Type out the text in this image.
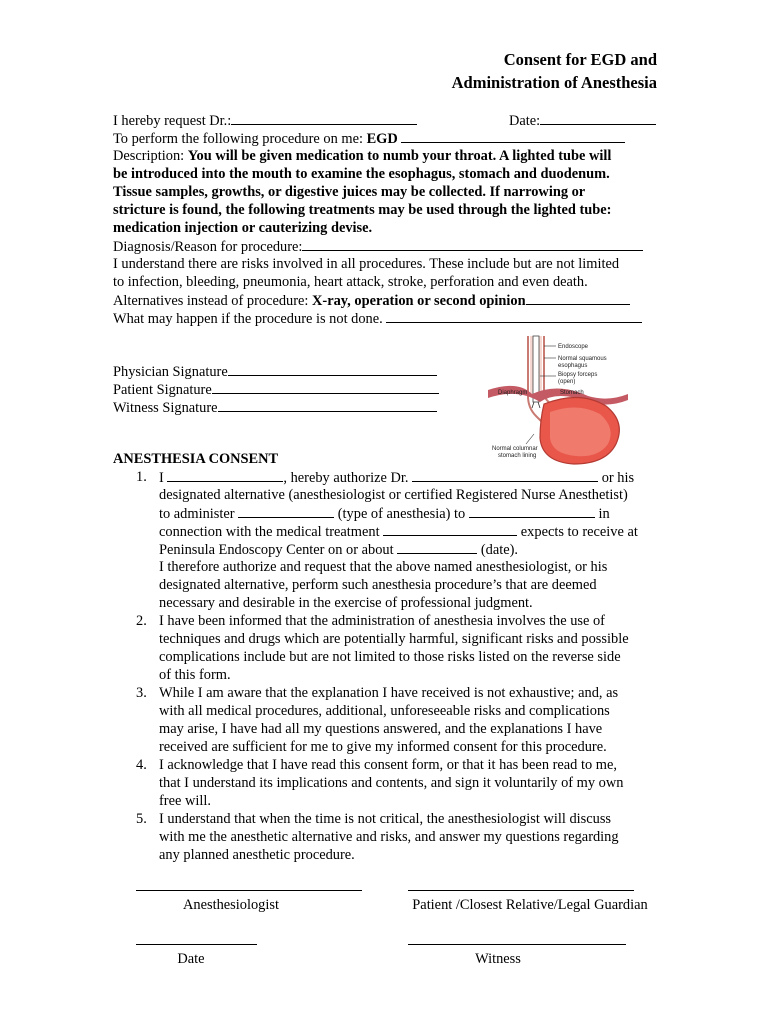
Consent for EGD and
Administration of Anesthesia
I hereby request Dr.:	Date:
To perform the following procedure on me: EGD
Description: You will be given medication to numb your throat. A lighted tube will
be introduced into the mouth to examine the esophagus, stomach and duodenum.
Tissue samples, growths, or digestive juices may be collected. If narrowing or
stricture is found, the following treatments may be used through the lighted tube:
medication injection or cauterizing devise.
Diagnosis/Reason for procedure:
I understand there are risks involved in all procedures. These include but are not limited
to infection, bleeding, pneumonia, heart attack, stroke, perforation and even death.
Alternatives instead of procedure: X-ray, operation or second opinion
What may happen if the procedure is not done.
Physician Signature
Patient Signature
Witness Signature
Endoscope
Normal squamous
esophagus
Biopsy forceps
(open)
Diaphragm	Stomach
Normal columnar
stomach lining
ANESTHESIA CONSENT
1. I	, hereby authorize Dr.	or his
designated alternative (anesthesiologist or certified Registered Nurse Anesthetist)
to administer	(type of anesthesia) to	in
connection with the medical treatment	expects to receive at
Peninsula Endoscopy Center on or about	(date).
I therefore authorize and request that the above named anesthesiologist, or his
designated alternative, perform such anesthesia procedure’s that are deemed
necessary and desirable in the exercise of professional judgment.
2. I have been informed that the administration of anesthesia involves the use of
techniques and drugs which are potentially harmful, significant risks and possible
complications include but are not limited to those risks listed on the reverse side
of this form.
3. While I am aware that the explanation I have received is not exhaustive; and, as
with all medical procedures, additional, unforeseeable risks and complications
may arise, I have had all my questions answered, and the explanations I have
received are sufficient for me to give my informed consent for this procedure.
4. I acknowledge that I have read this consent form, or that it has been read to me,
that I understand its implications and contents, and sign it voluntarily of my own
free will.
5. I understand that when the time is not critical, the anesthesiologist will discuss
with me the anesthetic alternative and risks, and answer my questions regarding
any planned anesthetic procedure.
Anesthesiologist	Patient /Closest Relative/Legal Guardian
Date	Witness
